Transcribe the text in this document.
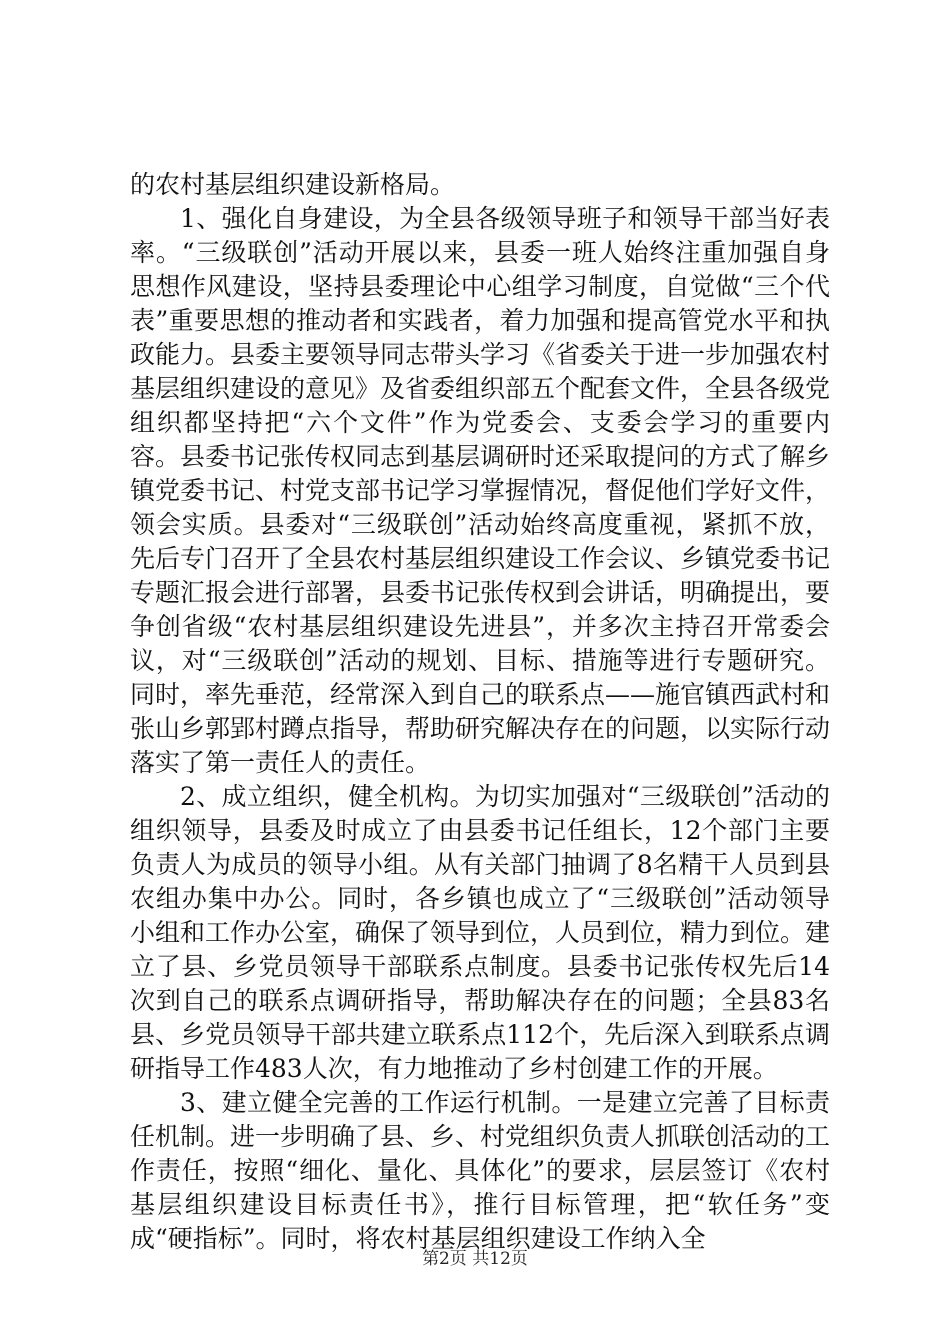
的农村基层组织建设新格局。

1、强化自身建设，为全县各级领导班子和领导干部当好表率。“三级联创”活动开展以来，县委一班人始终注重加强自身思想作风建设，坚持县委理论中心组学习制度，自觉做“三个代表”重要思想的推动者和实践者，着力加强和提高管党水平和执政能力。县委主要领导同志带头学习《省委关于进一步加强农村基层组织建设的意见》及省委组织部五个配套文件，全县各级党组织都坚持把“六个文件”作为党委会、支委会学习的重要内容。县委书记张传权同志到基层调研时还采取提问的方式了解乡镇党委书记、村党支部书记学习掌握情况，督促他们学好文件，领会实质。县委对“三级联创”活动始终高度重视，紧抓不放，先后专门召开了全县农村基层组织建设工作会议、乡镇党委书记专题汇报会进行部署，县委书记张传权到会讲话，明确提出，要争创省级“农村基层组织建设先进县”，并多次主持召开常委会议，对“三级联创”活动的规划、目标、措施等进行专题研究。同时，率先垂范，经常深入到自己的联系点——施官镇西武村和张山乡郭郢村蹲点指导，帮助研究解决存在的问题，以实际行动落实了第一责任人的责任。

2、成立组织，健全机构。为切实加强对“三级联创”活动的组织领导，县委及时成立了由县委书记任组长，12个部门主要负责人为成员的领导小组。从有关部门抽调了8名精干人员到县农组办集中办公。同时，各乡镇也成立了“三级联创”活动领导小组和工作办公室，确保了领导到位，人员到位，精力到位。建立了县、乡党员领导干部联系点制度。县委书记张传权先后14次到自己的联系点调研指导，帮助解决存在的问题；全县83名县、乡党员领导干部共建立联系点112个，先后深入到联系点调研指导工作483人次，有力地推动了乡村创建工作的开展。

3、建立健全完善的工作运行机制。一是建立完善了目标责任机制。进一步明确了县、乡、村党组织负责人抓联创活动的工作责任，按照“细化、量化、具体化”的要求，层层签订《农村基层组织建设目标责任书》，推行目标管理，把“软任务”变成“硬指标”。同时，将农村基层组织建设工作纳入全

第2页 共12页
